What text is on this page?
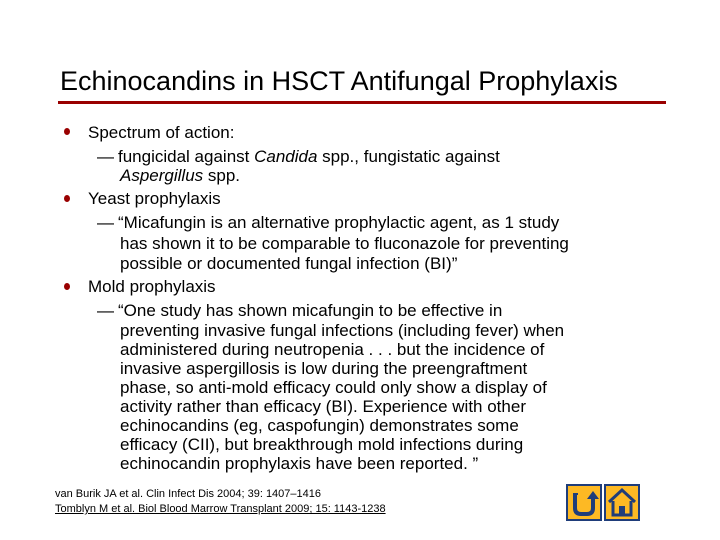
Echinocandins in HSCT Antifungal Prophylaxis
Spectrum of action:
— fungicidal against Candida spp., fungistatic against
Aspergillus spp.
Yeast prophylaxis
— “Micafungin is an alternative prophylactic agent, as 1 study
has shown it to be comparable to fluconazole for preventing
possible or documented fungal infection (BI)”
Mold prophylaxis
— “One study has shown micafungin to be effective in
preventing invasive fungal infections (including fever) when
administered during neutropenia . . . but the incidence of
invasive aspergillosis is low during the preengraftment
phase, so anti-mold efficacy could only show a display of
activity rather than efficacy (BI). Experience with other
echinocandins (eg, caspofungin) demonstrates some
efficacy (CII), but breakthrough mold infections during
echinocandin prophylaxis have been reported. ”
van Burik JA et al. Clin Infect Dis 2004; 39: 1407–1416
Tomblyn M et al. Biol Blood Marrow Transplant 2009; 15: 1143-1238
